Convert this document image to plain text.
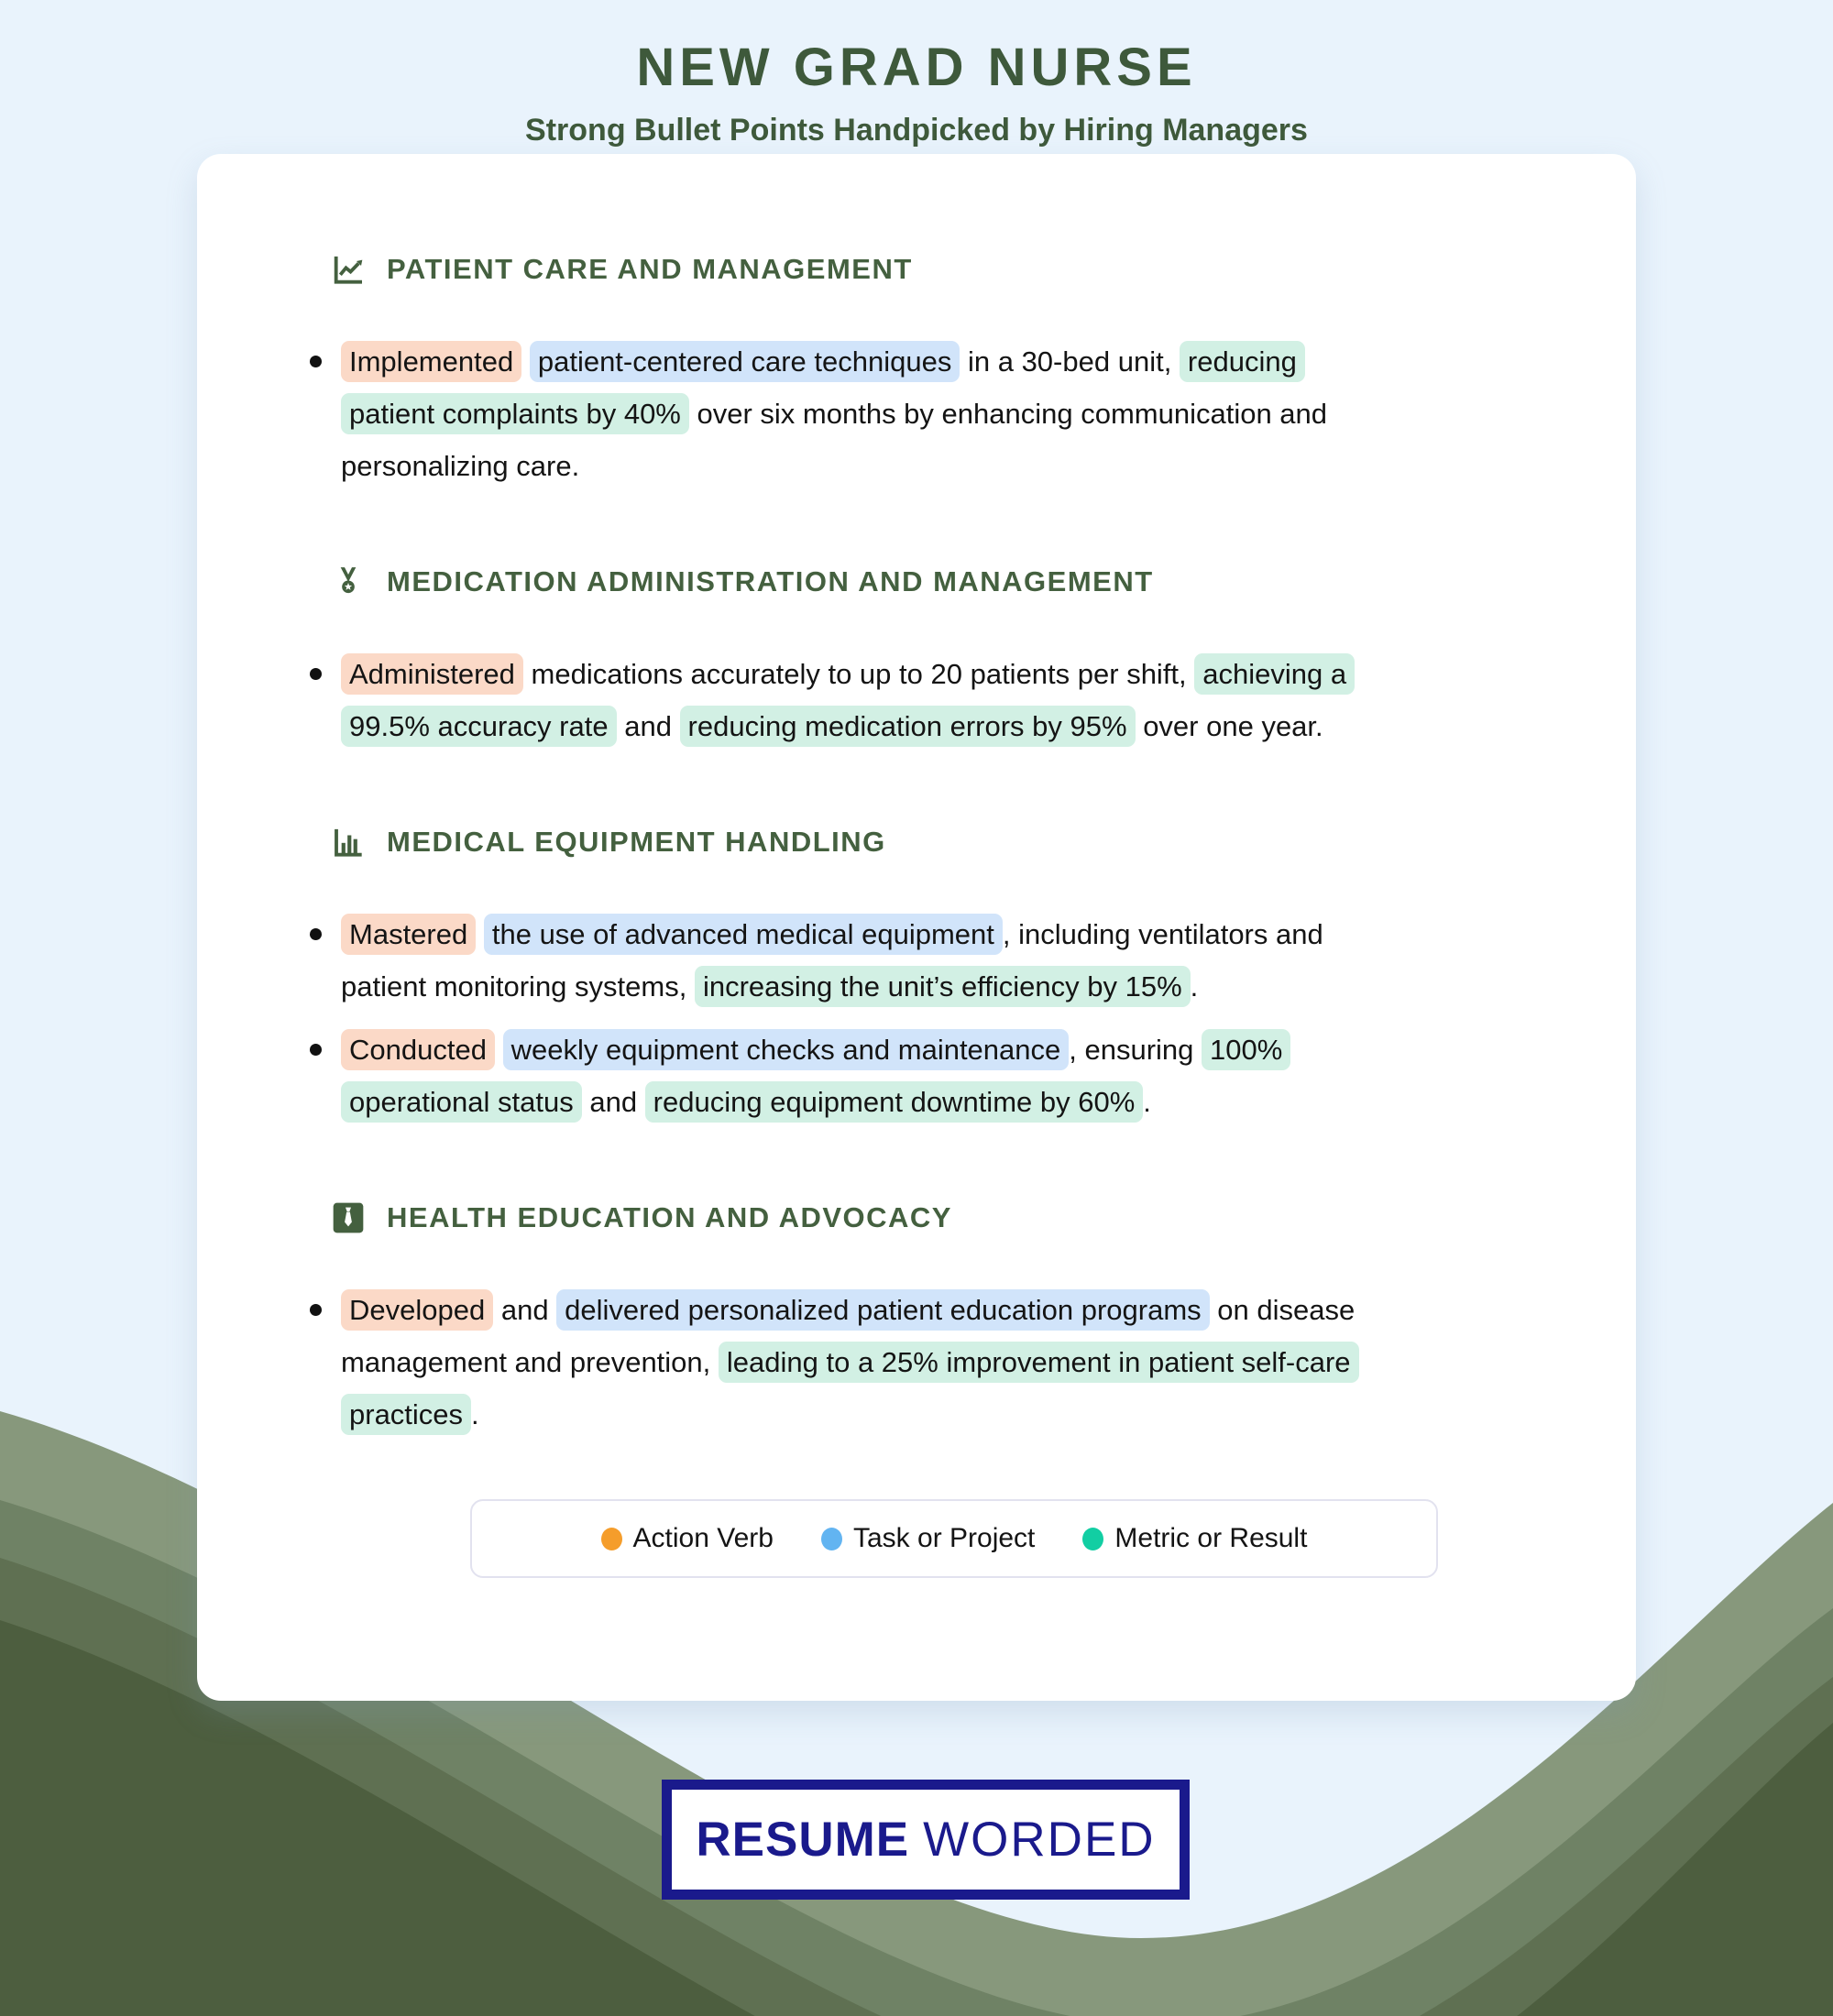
NEW GRAD NURSE

Strong Bullet Points Handpicked by Hiring Managers

PATIENT CARE AND MANAGEMENT
Implemented patient-centered care techniques in a 30-bed unit, reducing patient complaints by 40% over six months by enhancing communication and personalizing care.
MEDICATION ADMINISTRATION AND MANAGEMENT
Administered medications accurately to up to 20 patients per shift, achieving a 99.5% accuracy rate and reducing medication errors by 95% over one year.
MEDICAL EQUIPMENT HANDLING
Mastered the use of advanced medical equipment , including ventilators and patient monitoring systems, increasing the unit’s efficiency by 15% .
Conducted weekly equipment checks and maintenance , ensuring 100% operational status and reducing equipment downtime by 60% .
HEALTH EDUCATION AND ADVOCACY
Developed and delivered personalized patient education programs on disease management and prevention, leading to a 25% improvement in patient self-care practices .
Action Verb	Task or Project	Metric or Result
RESUME WORDED
